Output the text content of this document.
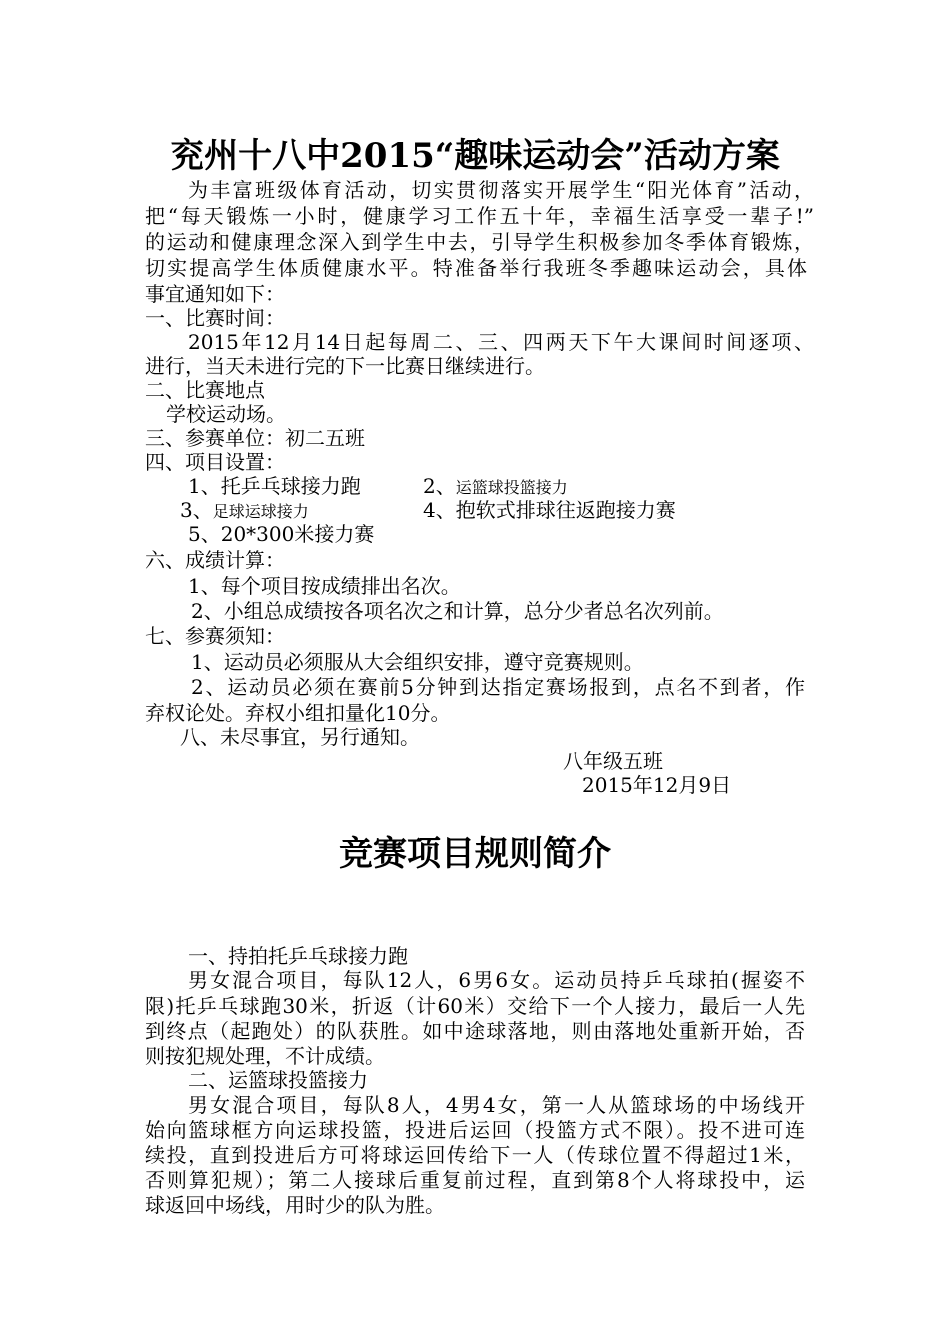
兖州十八中2015“趣味运动会”活动方案
为丰富班级体育活动，切实贯彻落实开展学生“阳光体育”活动，
把“每天锻炼一小时，健康学习工作五十年，幸福生活享受一辈子!”
的运动和健康理念深入到学生中去，引导学生积极参加冬季体育锻炼，
切实提高学生体质健康水平。特准备举行我班冬季趣味运动会，具体
事宜通知如下：
一、比赛时间：
2015年12月14日起每周二、三、四两天下午大课间时间逐项、
进行，当天未进行完的下一比赛日继续进行。
二、比赛地点
学校运动场。
三、参赛单位：初二五班
四、项目设置：
1、托乒乓球接力跑	2、运篮球投篮接力
3、足球运球接力	4、抱软式排球往返跑接力赛
5、20*300米接力赛
六、成绩计算：
1、每个项目按成绩排出名次。
2、小组总成绩按各项名次之和计算，总分少者总名次列前。
七、参赛须知：
1、运动员必须服从大会组织安排，遵守竞赛规则。
2、运动员必须在赛前5分钟到达指定赛场报到，点名不到者，作
弃权论处。弃权小组扣量化10分。
八、未尽事宜，另行通知。
八年级五班
2015年12月9日
竞赛项目规则简介
一、持拍托乒乓球接力跑
男女混合项目，每队12人，6男6女。运动员持乒乓球拍(握姿不
限)托乒乓球跑30米，折返（计60米）交给下一个人接力，最后一人先
到终点（起跑处）的队获胜。如中途球落地，则由落地处重新开始，否
则按犯规处理，不计成绩。
二、运篮球投篮接力
男女混合项目，每队8人，4男4女，第一人从篮球场的中场线开
始向篮球框方向运球投篮，投进后运回（投篮方式不限）。投不进可连
续投，直到投进后方可将球运回传给下一人（传球位置不得超过1米，
否则算犯规）；第二人接球后重复前过程，直到第8个人将球投中，运
球返回中场线，用时少的队为胜。
